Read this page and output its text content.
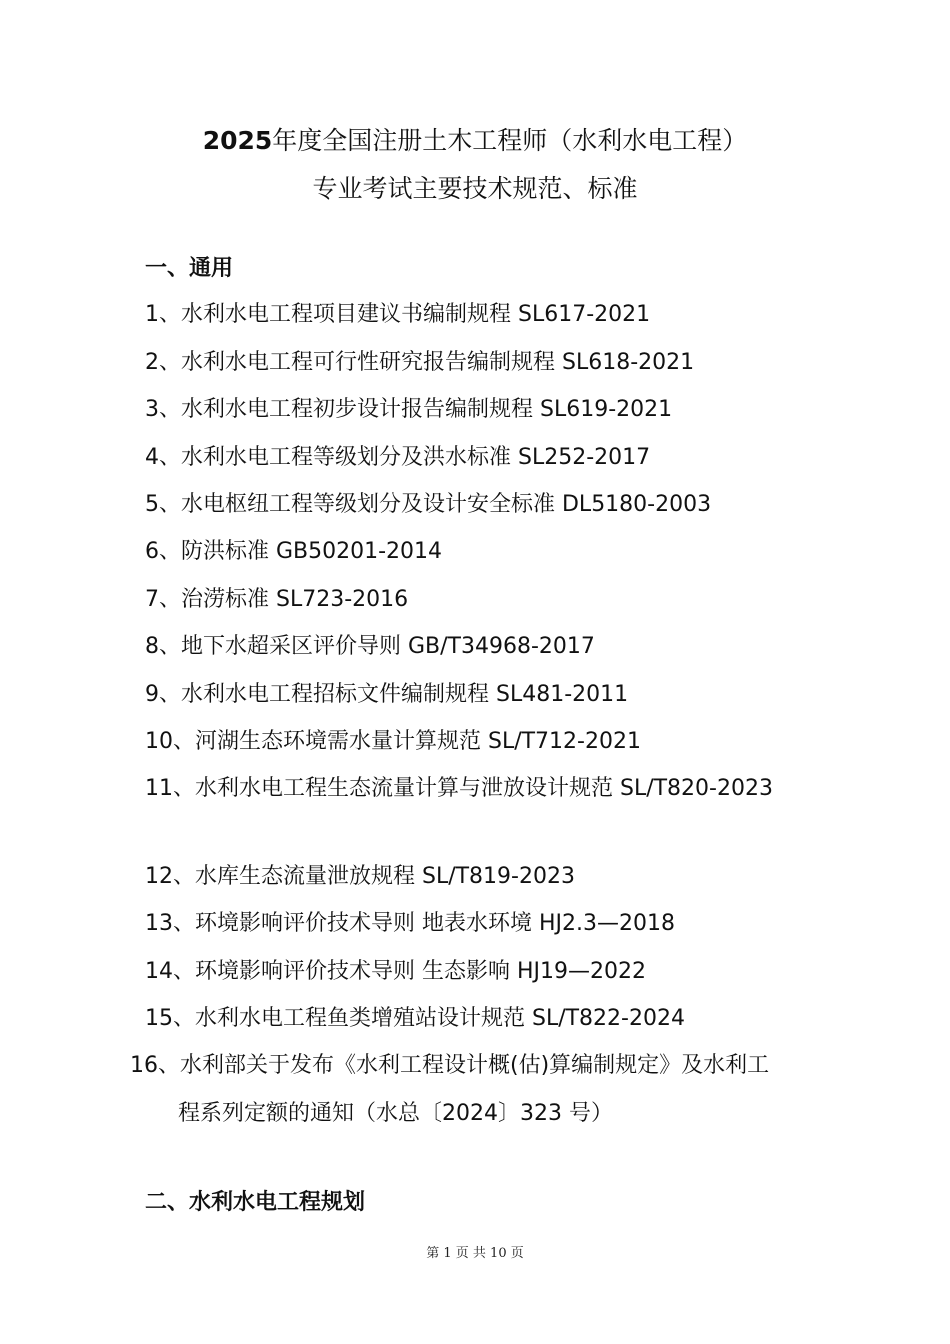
2025年度全国注册土木工程师（水利水电工程）
专业考试主要技术规范、标准
一、通用
1、水利水电工程项目建议书编制规程 SL617-2021
2、水利水电工程可行性研究报告编制规程 SL618-2021
3、水利水电工程初步设计报告编制规程 SL619-2021
4、水利水电工程等级划分及洪水标准 SL252-2017
5、水电枢纽工程等级划分及设计安全标准 DL5180-2003
6、防洪标准 GB50201-2014
7、治涝标准 SL723-2016
8、地下水超采区评价导则 GB/T34968-2017
9、水利水电工程招标文件编制规程 SL481-2011
10、河湖生态环境需水量计算规范 SL/T712-2021
11、水利水电工程生态流量计算与泄放设计规范 SL/T820-2023
12、水库生态流量泄放规程 SL/T819-2023
13、环境影响评价技术导则 地表水环境 HJ2.3—2018
14、环境影响评价技术导则 生态影响 HJ19—2022
15、水利水电工程鱼类增殖站设计规范 SL/T822-2024
16、水利部关于发布《水利工程设计概(估)算编制规定》及水利工
程系列定额的通知（水总〔2024〕323 号）
二、水利水电工程规划
第 1 页 共 10 页
